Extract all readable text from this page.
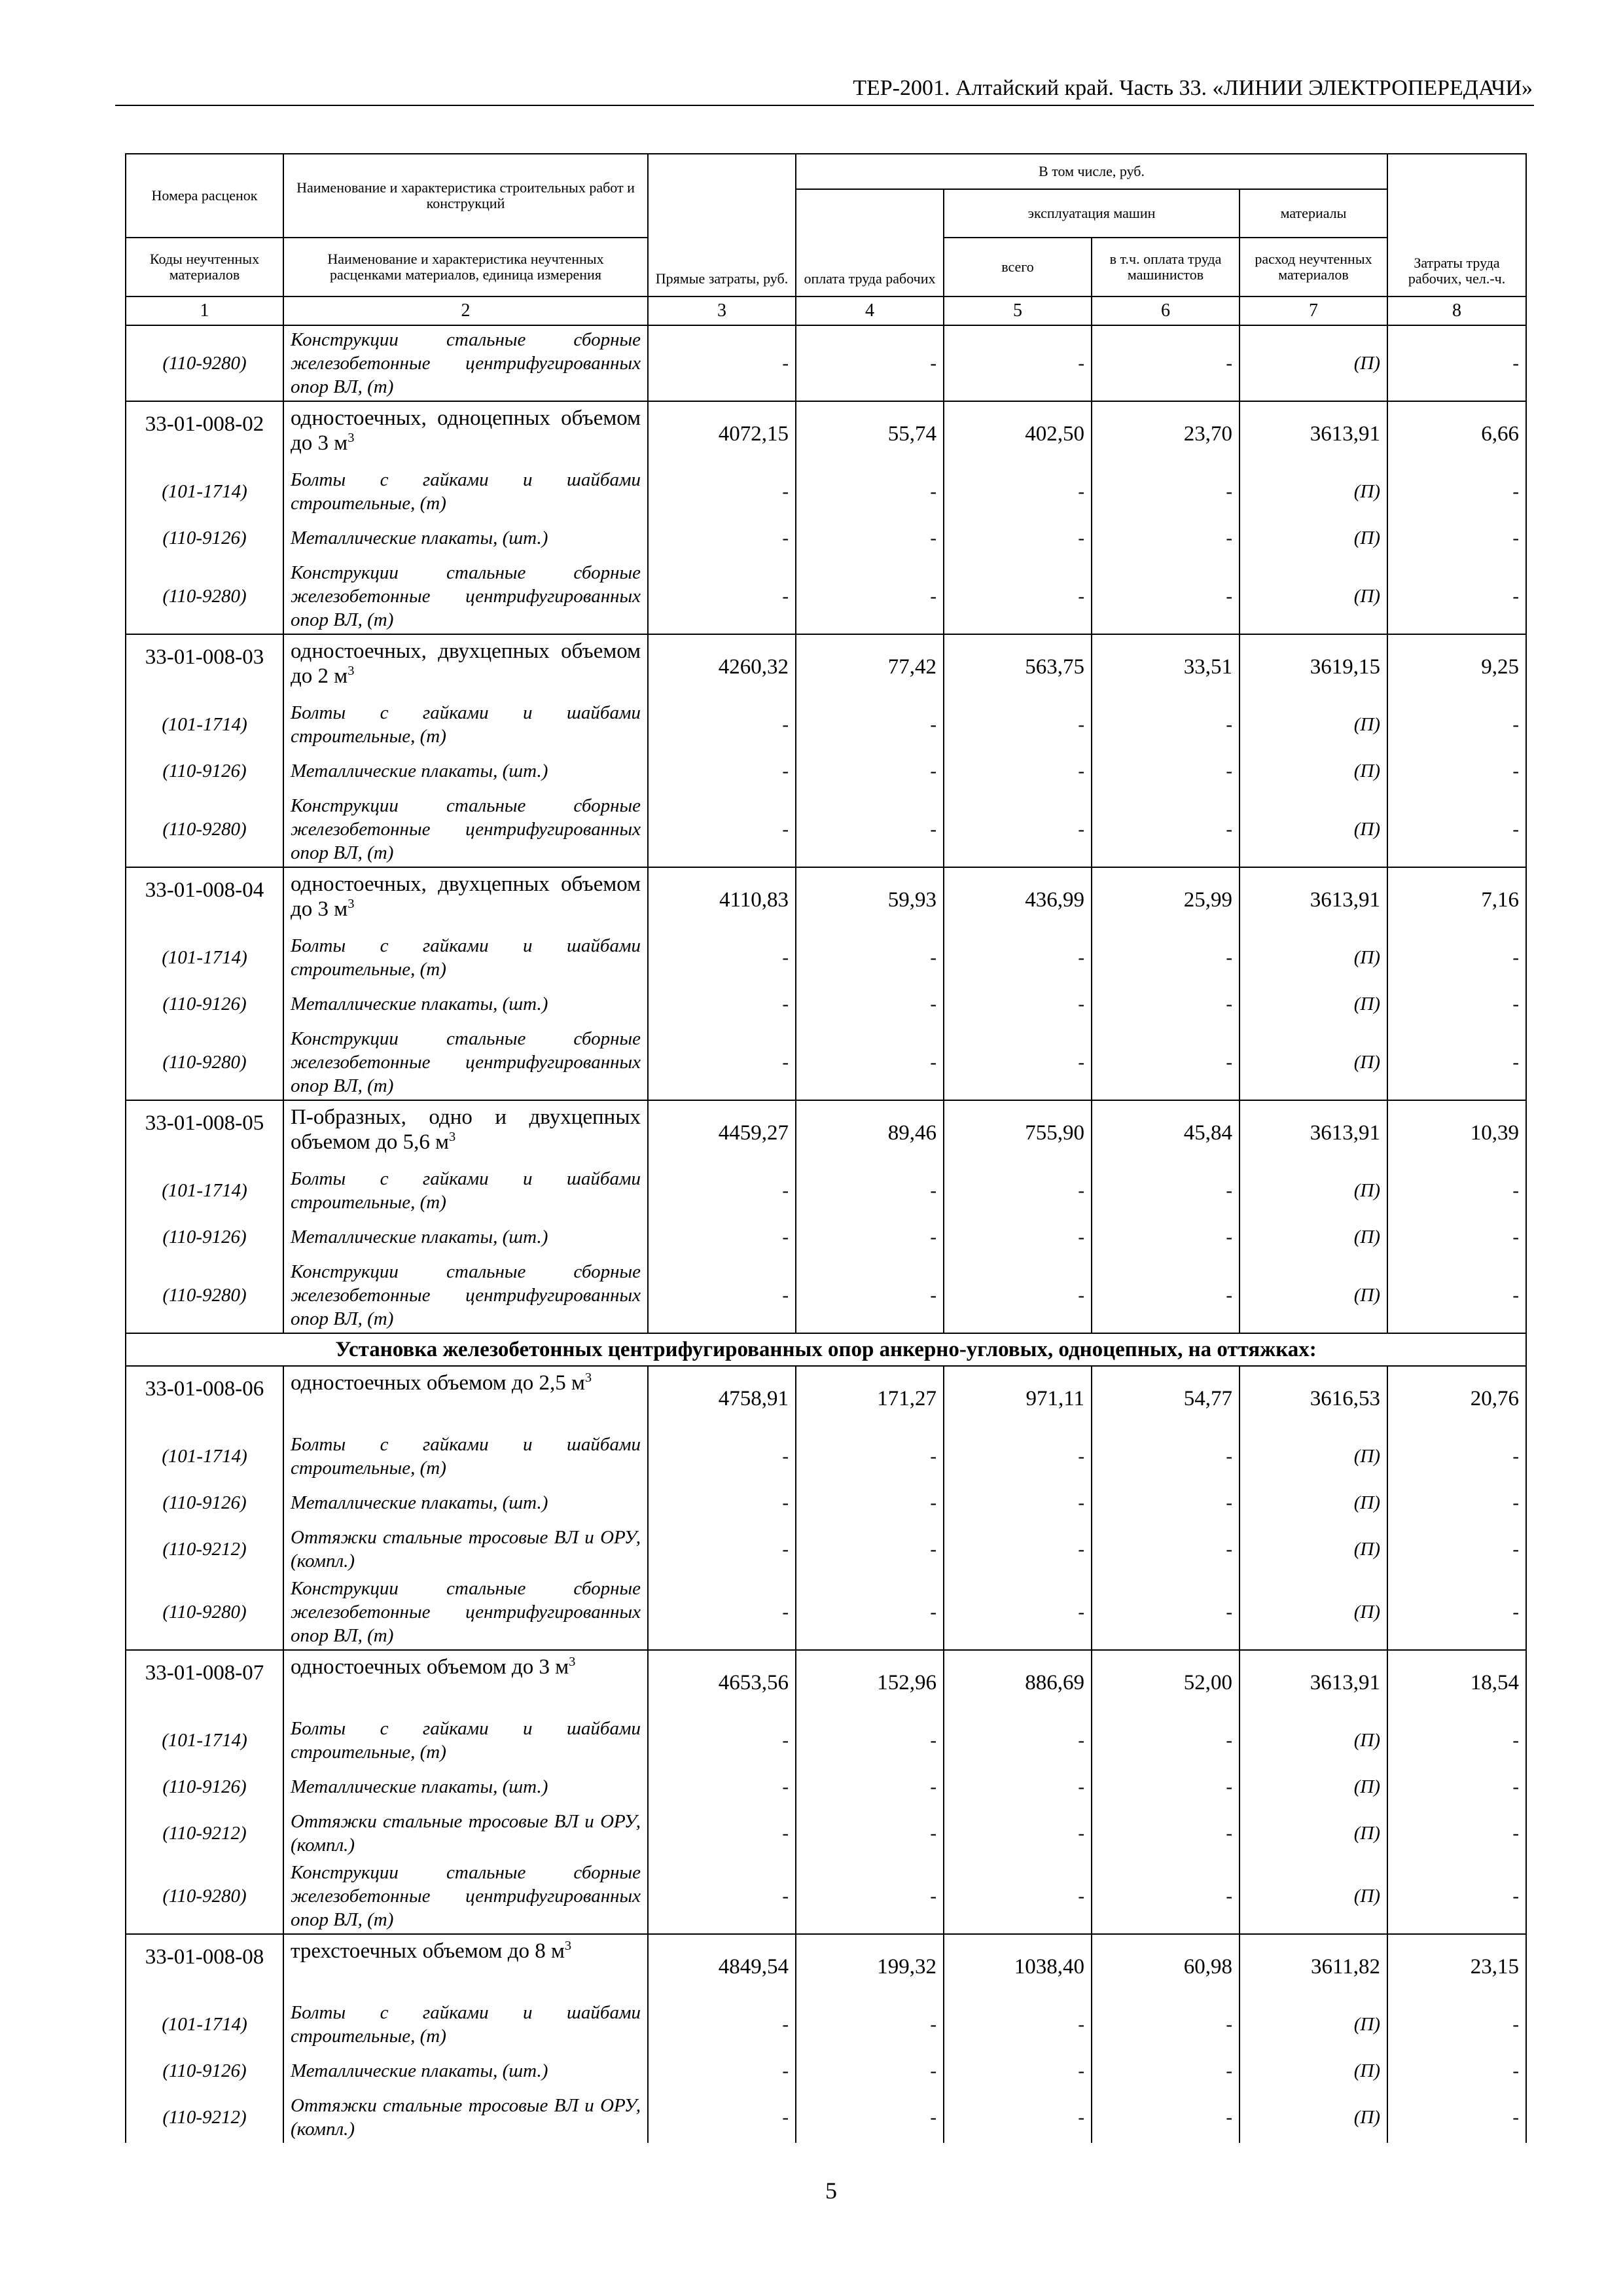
ТЕР-2001. Алтайский край. Часть 33. «ЛИНИИ ЭЛЕКТРОПЕРЕДАЧИ»
Номера расценок	Наименование и характеристика строительных работ и конструкций	Прямые затраты, руб.	В том числе, руб.				Затраты труда рабочих, чел.-ч.
			оплата труда рабочих	эксплуатация машин		материалы	
Коды неучтенных материалов	Наименование и характеристика неучтенных расценками материалов, единица измерения			всего	в т.ч. оплата труда машинистов	расход неучтенных материалов	
1	2	3	4	5	6	7	8
(110-9280)	Конструкции стальные сборные железобетонные центрифугированных опор ВЛ, (т)	-	-	-	-	(П)	-
33-01-008-02	одностоечных, одноцепных объемом до 3 $м^3$	4072,15	55,74	402,50	23,70	3613,91	6,66
(101-1714)	Болты с гайками и шайбами строительные, (т)	-	-	-	-	(П)	-
(110-9126)	Металлические плакаты, (шт.)	-	-	-	-	(П)	-
(110-9280)	Конструкции стальные сборные железобетонные центрифугированных опор ВЛ, (т)	-	-	-	-	(П)	-
33-01-008-03	одностоечных, двухцепных объемом до 2 $м^3$	4260,32	77,42	563,75	33,51	3619,15	9,25
(101-1714)	Болты с гайками и шайбами строительные, (т)	-	-	-	-	(П)	-
(110-9126)	Металлические плакаты, (шт.)	-	-	-	-	(П)	-
(110-9280)	Конструкции стальные сборные железобетонные центрифугированных опор ВЛ, (т)	-	-	-	-	(П)	-
33-01-008-04	одностоечных, двухцепных объемом до 3 $м^3$	4110,83	59,93	436,99	25,99	3613,91	7,16
(101-1714)	Болты с гайками и шайбами строительные, (т)	-	-	-	-	(П)	-
(110-9126)	Металлические плакаты, (шт.)	-	-	-	-	(П)	-
(110-9280)	Конструкции стальные сборные железобетонные центрифугированных опор ВЛ, (т)	-	-	-	-	(П)	-
33-01-008-05	П-образных, одно и двухцепных объемом до 5,6 $м^3$	4459,27	89,46	755,90	45,84	3613,91	10,39
(101-1714)	Болты с гайками и шайбами строительные, (т)	-	-	-	-	(П)	-
(110-9126)	Металлические плакаты, (шт.)	-	-	-	-	(П)	-
(110-9280)	Конструкции стальные сборные железобетонные центрифугированных опор ВЛ, (т)	-	-	-	-	(П)	-
Установка железобетонных центрифугированных опор анкерно-угловых, одноцепных, на оттяжках:							
33-01-008-06	одностоечных объемом до 2,5 $м^3$	4758,91	171,27	971,11	54,77	3616,53	20,76
(101-1714)	Болты с гайками и шайбами строительные, (т)	-	-	-	-	(П)	-
(110-9126)	Металлические плакаты, (шт.)	-	-	-	-	(П)	-
(110-9212)	Оттяжки стальные тросовые ВЛ и ОРУ, (компл.)	-	-	-	-	(П)	-
(110-9280)	Конструкции стальные сборные железобетонные центрифугированных опор ВЛ, (т)	-	-	-	-	(П)	-
33-01-008-07	одностоечных объемом до 3 $м^3$	4653,56	152,96	886,69	52,00	3613,91	18,54
(101-1714)	Болты с гайками и шайбами строительные, (т)	-	-	-	-	(П)	-
(110-9126)	Металлические плакаты, (шт.)	-	-	-	-	(П)	-
(110-9212)	Оттяжки стальные тросовые ВЛ и ОРУ, (компл.)	-	-	-	-	(П)	-
(110-9280)	Конструкции стальные сборные железобетонные центрифугированных опор ВЛ, (т)	-	-	-	-	(П)	-
33-01-008-08	трехстоечных объемом до 8 $м^3$	4849,54	199,32	1038,40	60,98	3611,82	23,15
(101-1714)	Болты с гайками и шайбами строительные, (т)	-	-	-	-	(П)	-
(110-9126)	Металлические плакаты, (шт.)	-	-	-	-	(П)	-
(110-9212)	Оттяжки стальные тросовые ВЛ и ОРУ, (компл.)	-	-	-	-	(П)	-
5
